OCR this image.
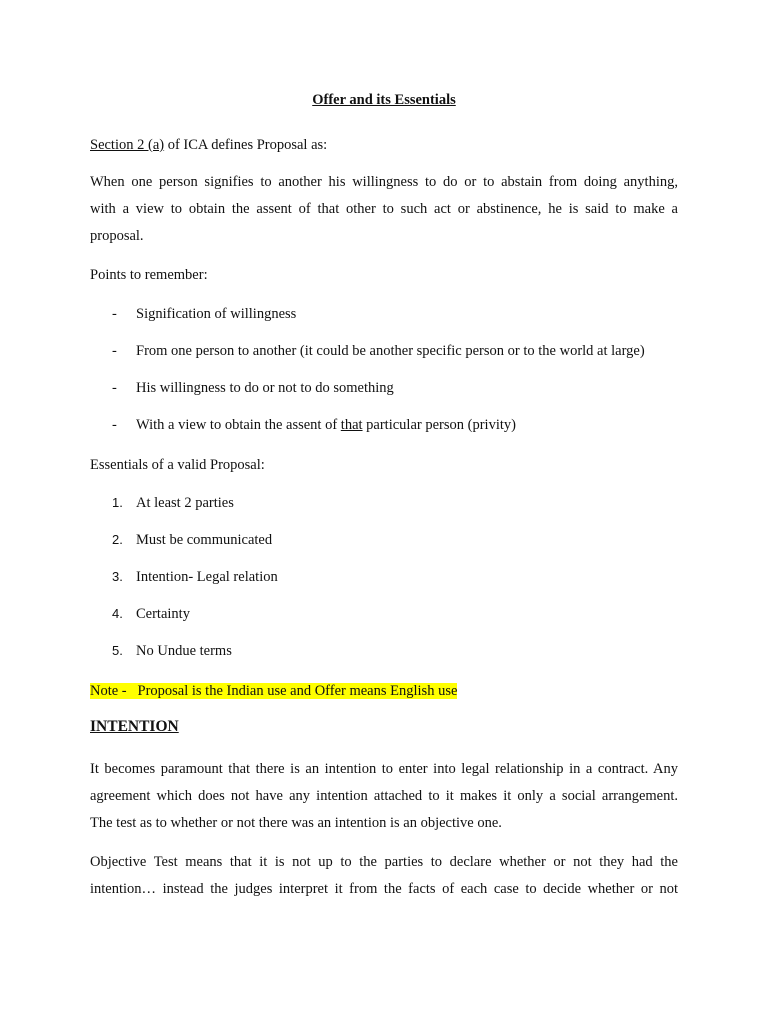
Offer and its Essentials
Section 2 (a) of ICA defines Proposal as:
When one person signifies to another his willingness to do or to abstain from doing anything,
with a view to obtain the assent of that other to such act or abstinence, he is said to make a
proposal.
Points to remember:
- Signification of willingness
- From one person to another (it could be another specific person or to the world at large)
- His willingness to do or not to do something
- With a view to obtain the assent of that particular person (privity)
Essentials of a valid Proposal:
1. At least 2 parties
2. Must be communicated
3. Intention- Legal relation
4. Certainty
5. No Undue terms
Note -   Proposal is the Indian use and Offer means English use
INTENTION
It becomes paramount that there is an intention to enter into legal relationship in a contract. Any
agreement which does not have any intention attached to it makes it only a social arrangement.
The test as to whether or not there was an intention is an objective one.
Objective Test means that it is not up to the parties to declare whether or not they had the
intention… instead the judges interpret it from the facts of each case to decide whether or not
